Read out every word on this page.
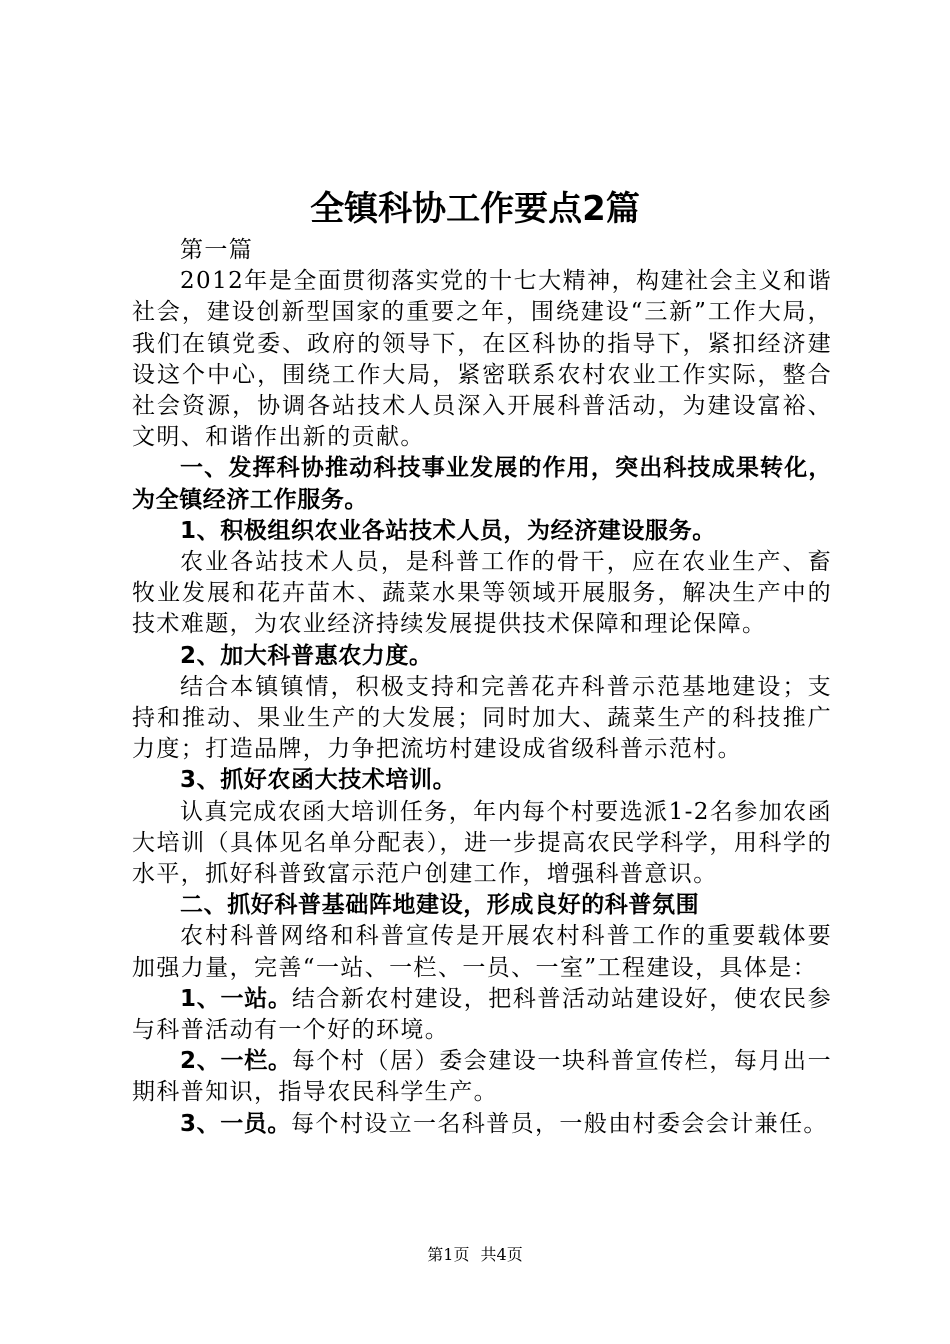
全镇科协工作要点2篇

第一篇

2012年是全面贯彻落实党的十七大精神，构建社会主义和谐社会，建设创新型国家的重要之年，围绕建设“三新”工作大局，我们在镇党委、政府的领导下，在区科协的指导下，紧扣经济建设这个中心，围绕工作大局，紧密联系农村农业工作实际，整合社会资源，协调各站技术人员深入开展科普活动，为建设富裕、文明、和谐作出新的贡献。

一、发挥科协推动科技事业发展的作用，突出科技成果转化，为全镇经济工作服务。

1、积极组织农业各站技术人员，为经济建设服务。

农业各站技术人员，是科普工作的骨干，应在农业生产、畜牧业发展和花卉苗木、蔬菜水果等领域开展服务，解决生产中的技术难题，为农业经济持续发展提供技术保障和理论保障。

2、加大科普惠农力度。

结合本镇镇情，积极支持和完善花卉科普示范基地建设；支持和推动、果业生产的大发展；同时加大、蔬菜生产的科技推广力度；打造品牌，力争把流坊村建设成省级科普示范村。

3、抓好农函大技术培训。

认真完成农函大培训任务，年内每个村要选派1-2名参加农函大培训（具体见名单分配表），进一步提高农民学科学，用科学的水平，抓好科普致富示范户创建工作，增强科普意识。

二、抓好科普基础阵地建设，形成良好的科普氛围

农村科普网络和科普宣传是开展农村科普工作的重要载体要加强力量，完善“一站、一栏、一员、一室”工程建设，具体是：

1、一站。结合新农村建设，把科普活动站建设好，使农民参与科普活动有一个好的环境。

2、一栏。每个村（居）委会建设一块科普宣传栏，每月出一期科普知识，指导农民科学生产。

3、一员。每个村设立一名科普员，一般由村委会会计兼任。

第1页 共4页
